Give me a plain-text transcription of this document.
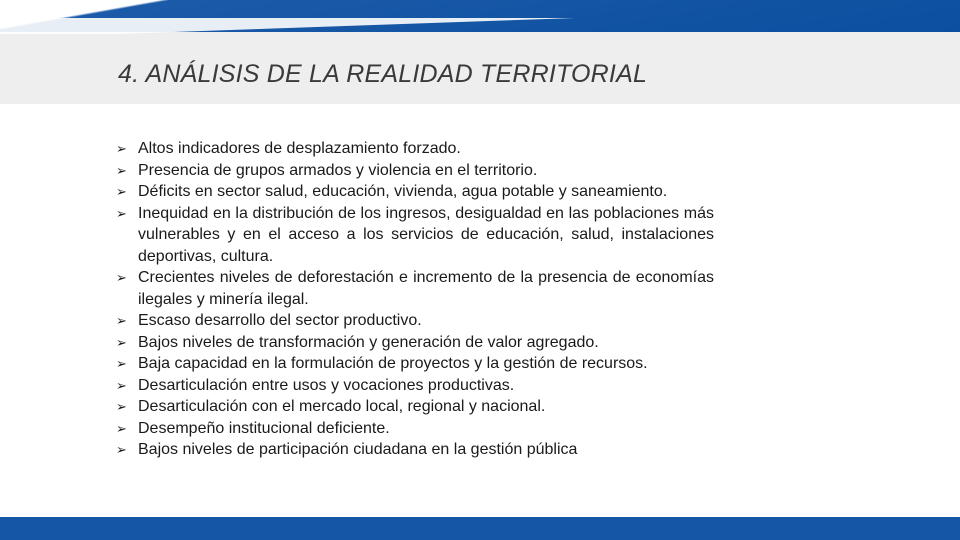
4. ANÁLISIS DE LA REALIDAD TERRITORIAL
➢ Altos indicadores de desplazamiento forzado.
➢ Presencia de grupos armados y violencia en el territorio.
➢ Déficits en sector salud, educación, vivienda, agua potable y saneamiento.
➢ Inequidad en la distribución de los ingresos, desigualdad en las poblaciones más vulnerables y en el acceso a los servicios de educación, salud, instalaciones deportivas, cultura.
➢ Crecientes niveles de deforestación e incremento de la presencia de economías ilegales y minería ilegal.
➢ Escaso desarrollo del sector productivo.
➢ Bajos niveles de transformación y generación de valor agregado.
➢ Baja capacidad en la formulación de proyectos y la gestión de recursos.
➢ Desarticulación entre usos y vocaciones productivas.
➢ Desarticulación con el mercado local, regional y nacional.
➢ Desempeño institucional deficiente.
➢ Bajos niveles de participación ciudadana en la gestión pública
